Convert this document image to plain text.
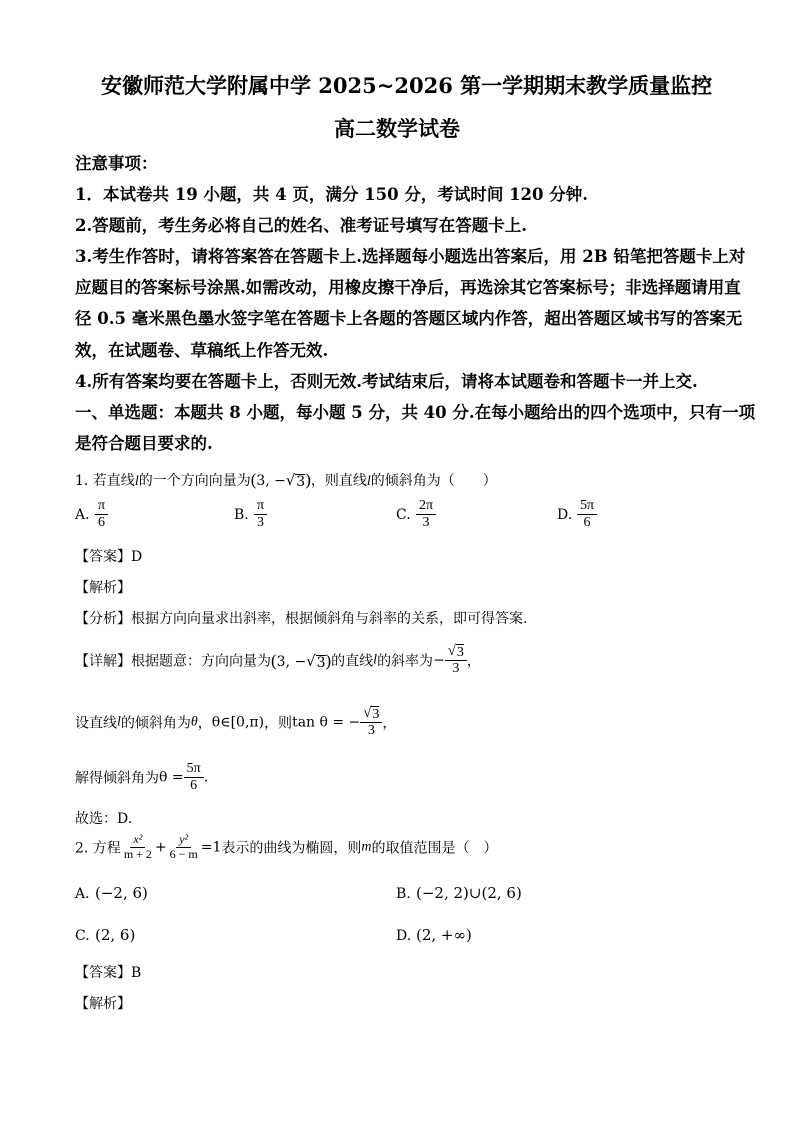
安徽师范大学附属中学 2025~2026 第一学期期末教学质量监控
高二数学试卷
注意事项：
1．本试卷共 19 小题，共 4 页，满分 150 分，考试时间 120 分钟.
2.答题前，考生务必将自己的姓名、准考证号填写在答题卡上.
3.考生作答时，请将答案答在答题卡上.选择题每小题选出答案后，用 2B 铅笔把答题卡上对
应题目的答案标号涂黑.如需改动，用橡皮擦干净后，再选涂其它答案标号；非选择题请用直
径 0.5 毫米黑色墨水签字笔在答题卡上各题的答题区域内作答，超出答题区域书写的答案无
效，在试题卷、草稿纸上作答无效.
4.所有答案均要在答题卡上，否则无效.考试结束后，请将本试题卷和答题卡一并上交.
一、单选题：本题共 8 小题，每小题 5 分，共 40 分.在每小题给出的四个选项中，只有一项
是符合题目要求的.
1. 若直线l的一个方向向量为(3, − √ 3 )，则直线l的倾斜角为（　　）
A. $\frac{\pi}{6}$	B. $\frac{\pi}{3}$	C. $\frac{2\pi}{3}$	D. $\frac{5\pi}{6}$
【答案】D
【解析】
【分析】根据方向向量求出斜率，根据倾斜角与斜率的关系，即可得答案.
【详解】根据题意：方向向量为(3, − √ 3 )的直线l的斜率为− $\frac{√ 3}{3}$ ，
设直线l的倾斜角为θ，θ∈[0,π)，则tan θ = − $\frac{√ 3}{3}$ ，
解得倾斜角为$\theta = \frac{5\pi}{6}$ .
故选：D.
2. 方程 $\frac{\text{x²}}{m + 2} + \frac{\text{y²}}{6 - m} =1$表示的曲线为椭圆，则m的取值范围是（　）
A. (−2, 6)	B. (−2, 2)∪(2, 6)
C. (2, 6)	D. (2, +∞)
【答案】B
【解析】
